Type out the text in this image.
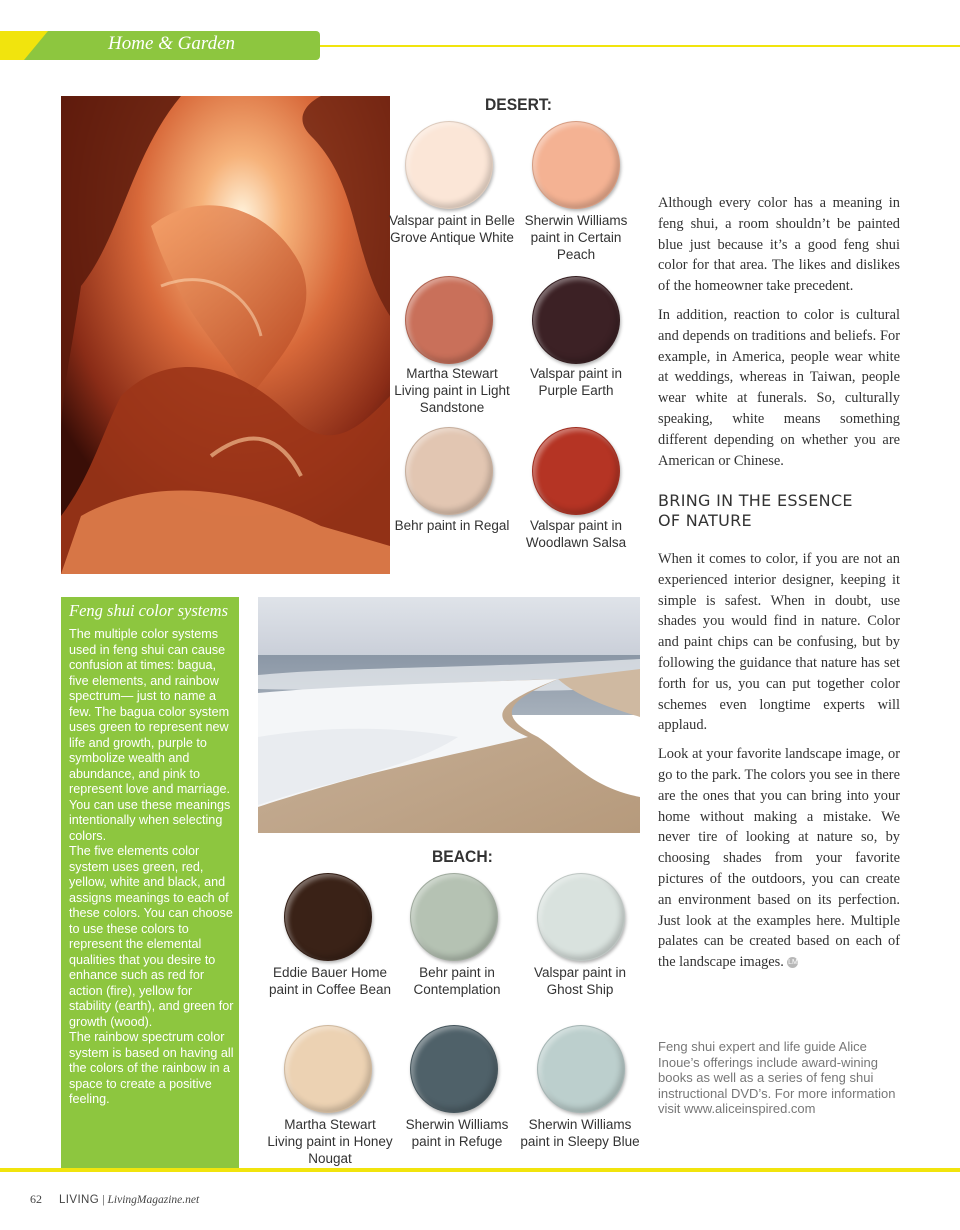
Home & Garden
DESERT:
Valspar paint in Belle Grove Antique White
Sherwin Williams paint in Certain Peach
Martha Stewart Living paint in Light Sandstone
Valspar paint in Purple Earth
Behr paint in Regal	Valspar paint in Woodlawn Salsa

Although every color has a meaning in feng shui, a room shouldn’t be painted blue just because it’s a good feng shui color for that area. The likes and dislikes of the homeowner take precedent.

In addition, reaction to color is cultural and depends on traditions and beliefs. For example, in America, people wear white at weddings, whereas in Taiwan, people wear white at funerals. So, culturally speaking, white means something different depending on whether you are American or Chinese.

BRING IN THE ESSENCE OF NATURE

When it comes to color, if you are not an experienced interior designer, keeping it simple is safest. When in doubt, use shades you would find in nature. Color and paint chips can be confusing, but by following the guidance that nature has set forth for us, you can put together color schemes even longtime experts will applaud.

Look at your favorite landscape image, or go to the park. The colors you see in there are the ones that you can bring into your home without making a mistake. We never tire of looking at nature so, by choosing shades from your favorite pictures of the outdoors, you can create an environment based on its perfection. Just look at the examples here. Multiple palates can be created based on each of the landscape images. LM

Feng shui expert and life guide Alice Inoue’s offerings include award-wining books as well as a series of feng shui instructional DVD’s. For more information visit www.aliceinspired.com
Feng shui color systems

The multiple color systems used in feng shui can cause confusion at times: bagua, five elements, and rainbow spectrum— just to name a few. The bagua color system uses green to represent new life and growth, purple to symbolize wealth and abundance, and pink to represent love and marriage. You can use these meanings intentionally when selecting colors.

The five elements color system uses green, red, yellow, white and black, and assigns meanings to each of these colors. You can choose to use these colors to represent the elemental qualities that you desire to enhance such as red for action (fire), yellow for stability (earth), and green for growth (wood).

The rainbow spectrum color system is based on having all the colors of the rainbow in a space to create a positive feeling.

BEACH:
Eddie Bauer Home paint in Coffee Bean
Behr paint in Contemplation
Valspar paint in Ghost Ship
Martha Stewart Living paint in Honey Nougat
Sherwin Williams paint in Refuge
Sherwin Williams paint in Sleepy Blue
62 LIVING | LivingMagazine.net
